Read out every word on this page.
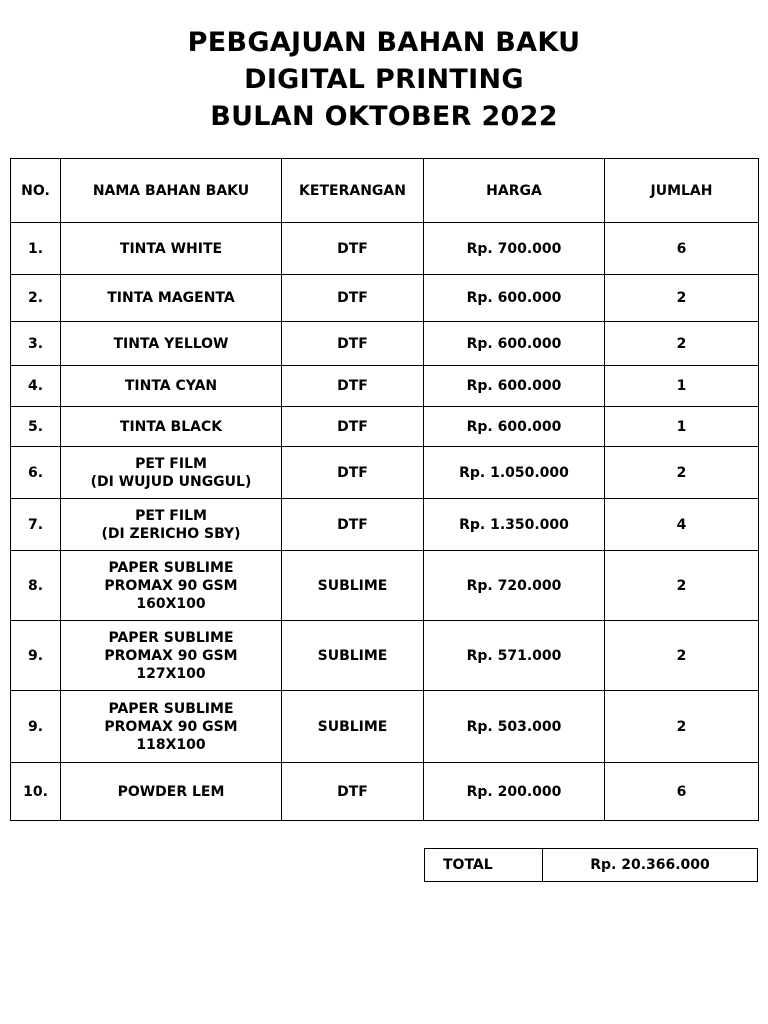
PEBGAJUAN BAHAN BAKU
DIGITAL PRINTING
BULAN OKTOBER 2022
NO.	NAMA BAHAN BAKU	KETERANGAN	HARGA	JUMLAH
1.	TINTA WHITE	DTF	Rp. 700.000	6
2.	TINTA MAGENTA	DTF	Rp. 600.000	2
3.	TINTA YELLOW	DTF	Rp. 600.000	2
4.	TINTA CYAN	DTF	Rp. 600.000	1
5.	TINTA BLACK	DTF	Rp. 600.000	1
6.	PET FILM
(DI WUJUD UNGGUL)	DTF	Rp. 1.050.000	2
7.	PET FILM
(DI ZERICHO SBY)	DTF	Rp. 1.350.000	4
8.	PAPER SUBLIME
PROMAX 90 GSM
160X100	SUBLIME	Rp. 720.000	2
9.	PAPER SUBLIME
PROMAX 90 GSM
127X100	SUBLIME	Rp. 571.000	2
9.	PAPER SUBLIME
PROMAX 90 GSM
118X100	SUBLIME	Rp. 503.000	2
10.	POWDER LEM	DTF	Rp. 200.000	6
TOTAL	Rp. 20.366.000
